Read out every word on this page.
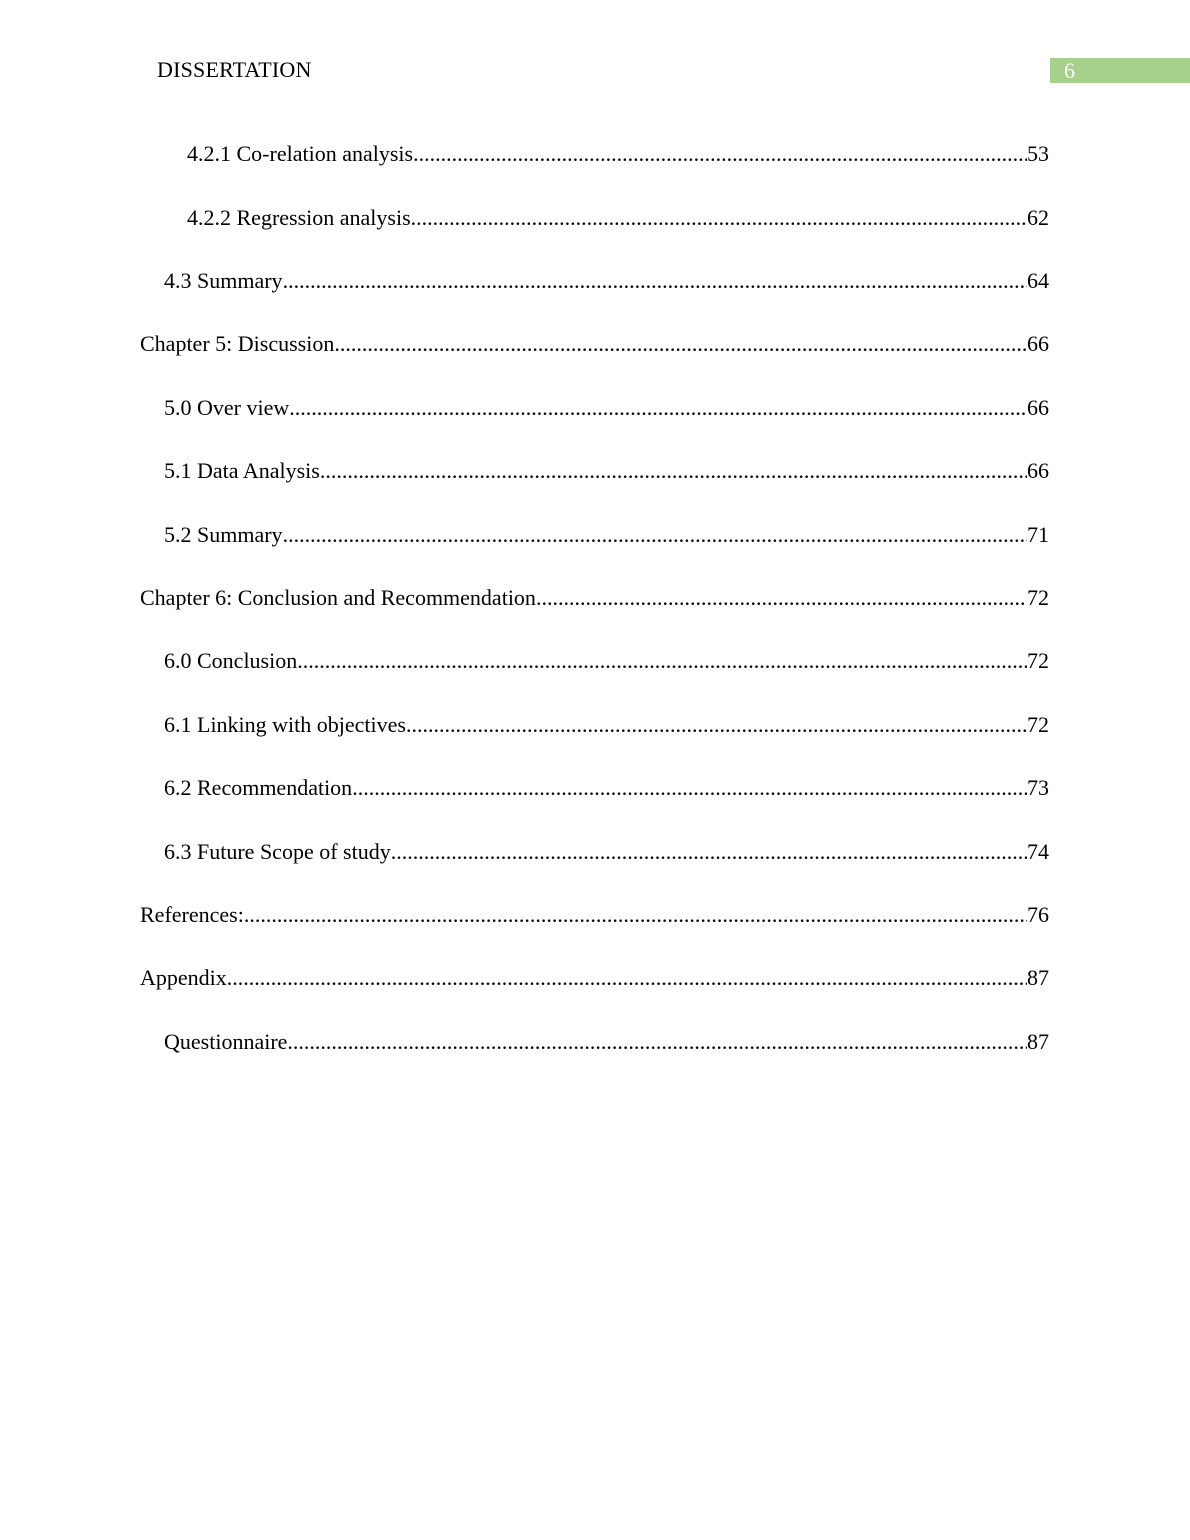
DISSERTATION	6
4.2.1 Co-relation analysis .....	53
4.2.2 Regression analysis .....	62
4.3 Summary .....	64
Chapter 5: Discussion .....	66
5.0 Over view .....	66
5.1 Data Analysis .....	66
5.2 Summary .....	71
Chapter 6: Conclusion and Recommendation .....	72
6.0 Conclusion .....	72
6.1 Linking with objectives .....	72
6.2 Recommendation .....	73
6.3 Future Scope of study .....	74
References: .....	76
Appendix .....	87
Questionnaire .....	87
